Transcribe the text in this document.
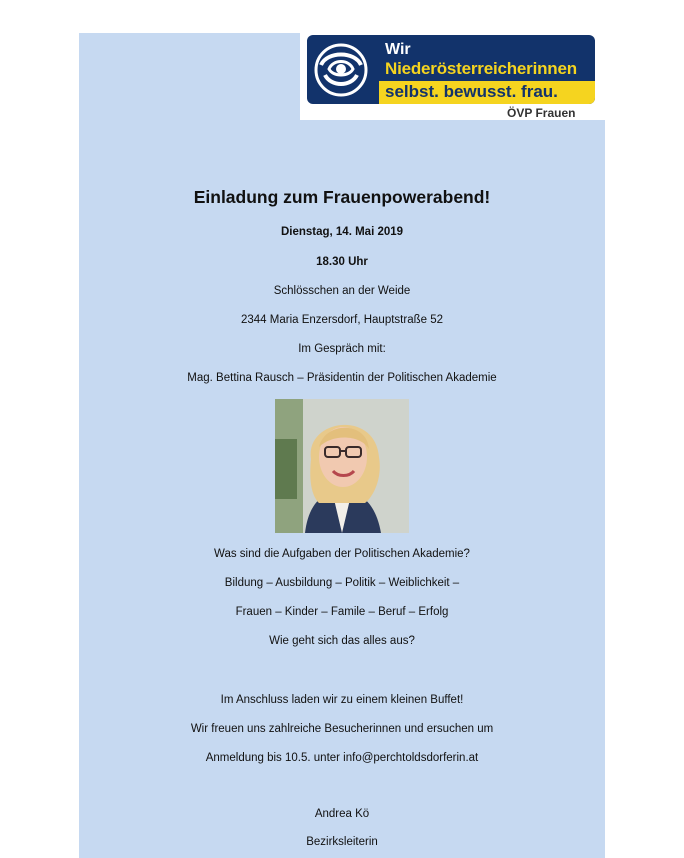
Wir
Niederösterreicherinnen
selbst. bewusst. frau.
ÖVP Frauen
Einladung zum Frauenpowerabend!
Dienstag, 14. Mai 2019
18.30 Uhr
Schlösschen an der Weide
2344 Maria Enzersdorf, Hauptstraße 52
Im Gespräch mit:
Mag. Bettina Rausch – Präsidentin der Politischen Akademie
Was sind die Aufgaben der Politischen Akademie?
Bildung – Ausbildung – Politik – Weiblichkeit –
Frauen – Kinder – Famile – Beruf – Erfolg
Wie geht sich das alles aus?
Im Anschluss laden wir zu einem kleinen Buffet!
Wir freuen uns zahlreiche Besucherinnen und ersuchen um
Anmeldung bis 10.5. unter info@perchtoldsdorferin.at
Andrea Kö
Bezirksleiterin
